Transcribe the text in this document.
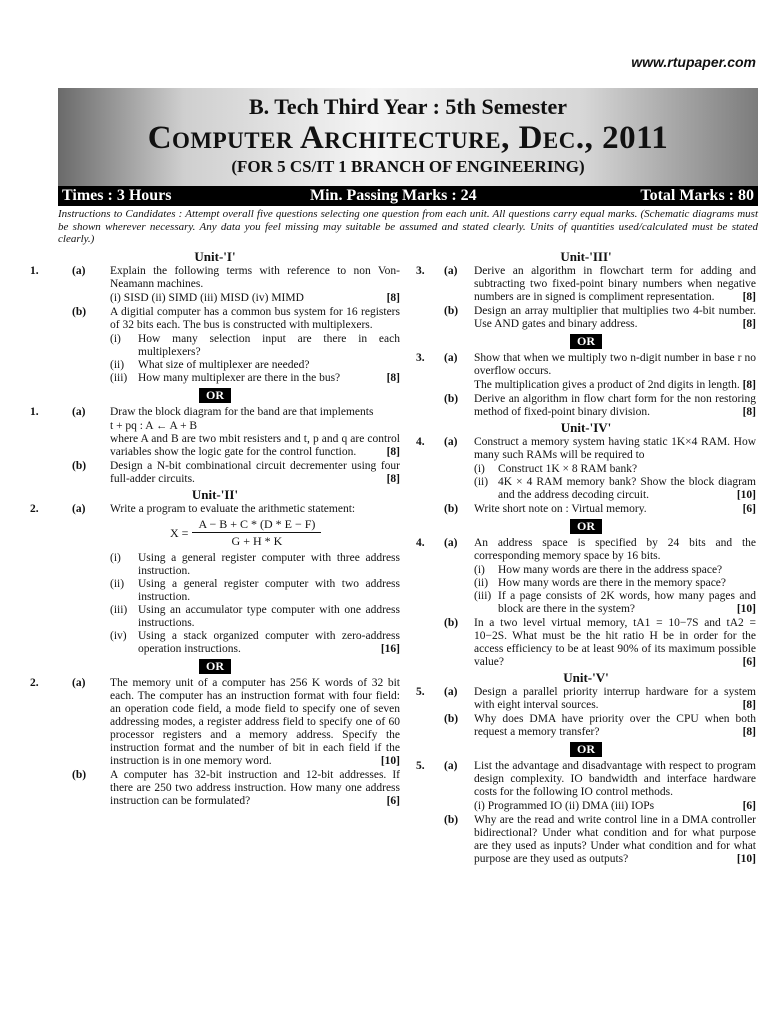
www.rtupaper.com
B. Tech Third Year : 5th Semester
Computer Architecture, Dec., 2011
(FOR 5 CS/IT 1 BRANCH OF ENGINEERING)
Times : 3 Hours	Min. Passing Marks : 24	Total Marks : 80
Instructions to Candidates : Attempt overall five questions selecting one question from each unit. All questions carry equal marks. (Schematic diagrams must be shown wherever necessary. Any data you feel missing may suitable be assumed and stated clearly. Units of quantities used/calculated must be stated clearly.)
Unit-'I'
1.	(a) Explain the following terms with reference to non Von-Neamann machines.
(i) SISD (ii) SIMD (iii) MISD (iv) MIMD	[8]
(b) A digitial computer has a common bus system for 16 registers of 32 bits each. The bus is constructed with multiplexers.
(i) How many selection input are there in each multiplexers?
(ii) What size of multiplexer are needed?
(iii) How many multiplexer are there in the bus?	[8]
OR
1.	(a) Draw the block diagram for the band are that implements
t + pq : A ← A + B
where A and B are two mbit resisters and t, p and q are control variables show the logic gate for the control function.	[8]
(b) Design a N-bit combinational circuit decrementer using four full-adder circuits.	[8]
Unit-'II'
2.	(a) Write a program to evaluate the arithmetic statement:
$X = \frac{A - B + C * (D * E - F)}{G + H * K}$
(i) Using a general register computer with three address instruction.
(ii) Using a general register computer with two address instruction.
(iii) Using an accumulator type computer with one address instructions.
(iv) Using a stack organized computer with zero-address operation instructions.	[16]
OR
2.	(a) The memory unit of a computer has 256 K words of 32 bit each. The computer has an instruction format with four field: an operation code field, a mode field to specify one of seven addressing modes, a register address field to specify one of 60 processor registers and a memory address. Specify the instruction format and the number of bit in each field if the instruction is in one memory word.	[10]
(b) A computer has 32-bit instruction and 12-bit addresses. If there are 250 two address instruction. How many one address instruction can be formulated?	[6]
Unit-'III'
3.	(a) Derive an algorithm in flowchart term for adding and subtracting two fixed-point binary numbers when negative numbers are in signed is compliment representation. [8]
(b) Design an array multiplier that multiplies two 4-bit number. Use AND gates and binary address.	[8]
OR
3.	(a) Show that when we multiply two n-digit number in base r no overflow occurs.
The multiplication gives a product of 2nd digits in length. [8]
(b) Derive an algorithm in flow chart form for the non restoring method of fixed-point binary division.	[8]
Unit-'IV'
4.	(a) Construct a memory system having static 1K×4 RAM. How many such RAMs will be required to
(i) Construct 1K × 8 RAM bank?
(ii) 4K × 4 RAM memory bank? Show the block diagram and the address decoding circuit.	[10]
(b) Write short note on : Virtual memory.	[6]
OR
4.	(a) An address space is specified by 24 bits and the corresponding memory space by 16 bits.
(i) How many words are there in the address space?
(ii) How many words are there in the memory space?
(iii) If a page consists of 2K words, how many pages and block are there in the system?	[10]
(b) In a two level virtual memory, tA1 = 10−7S and tA2 = 10−2S. What must be the hit ratio H be in order for the access efficiency to be at least 90% of its maximum possible value?	[6]
Unit-'V'
5.	(a) Design a parallel priority interrup hardware for a system with eight interval sources.	[8]
(b) Why does DMA have priority over the CPU when both request a memory transfer?	[8]
OR
5.	(a) List the advantage and disadvantage with respect to program design complexity. IO bandwidth and interface hardware costs for the following IO control methods.
(i) Programmed IO (ii) DMA (iii) IOPs	[6]
(b) Why are the read and write control line in a DMA controller bidirectional? Under what condition and for what purpose are they used as inputs? Under what condition and for what purpose are they used as outputs?	[10]
